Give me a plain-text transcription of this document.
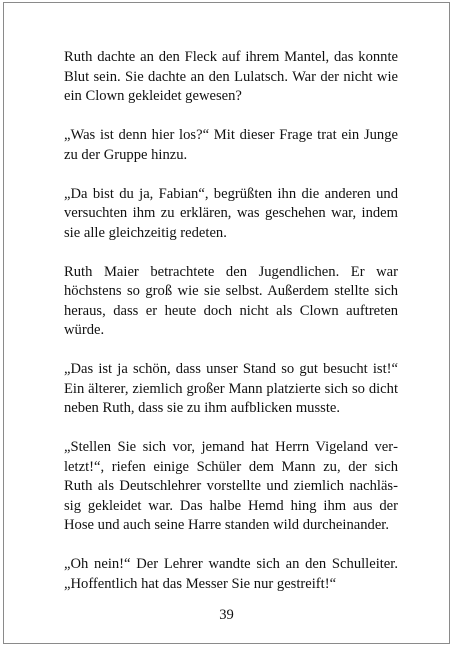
Ruth dachte an den Fleck auf ihrem Mantel, das konnte Blut sein. Sie dachte an den Lulatsch. War der nicht wie ein Clown gekleidet gewesen?

„Was ist denn hier los?“ Mit dieser Frage trat ein Junge zu der Gruppe hinzu.

„Da bist du ja, Fabian“, begrüßten ihn die anderen und versuchten ihm zu erklären, was geschehen war, indem sie alle gleichzeitig redeten.

Ruth Maier betrachtete den Jugendlichen. Er war höchstens so groß wie sie selbst. Außerdem stellte sich heraus, dass er heute doch nicht als Clown auftreten würde.

„Das ist ja schön, dass unser Stand so gut besucht ist!“ Ein älterer, ziemlich großer Mann platzierte sich so dicht neben Ruth, dass sie zu ihm aufblicken musste.

„Stellen Sie sich vor, jemand hat Herrn Vigeland verletzt!“, riefen einige Schüler dem Mann zu, der sich Ruth als Deutschlehrer vorstellte und ziemlich nachlässig gekleidet war. Das halbe Hemd hing ihm aus der Hose und auch seine Harre standen wild durcheinander.

„Oh nein!“ Der Lehrer wandte sich an den Schulleiter. „Hoffentlich hat das Messer Sie nur gestreift!“

39
